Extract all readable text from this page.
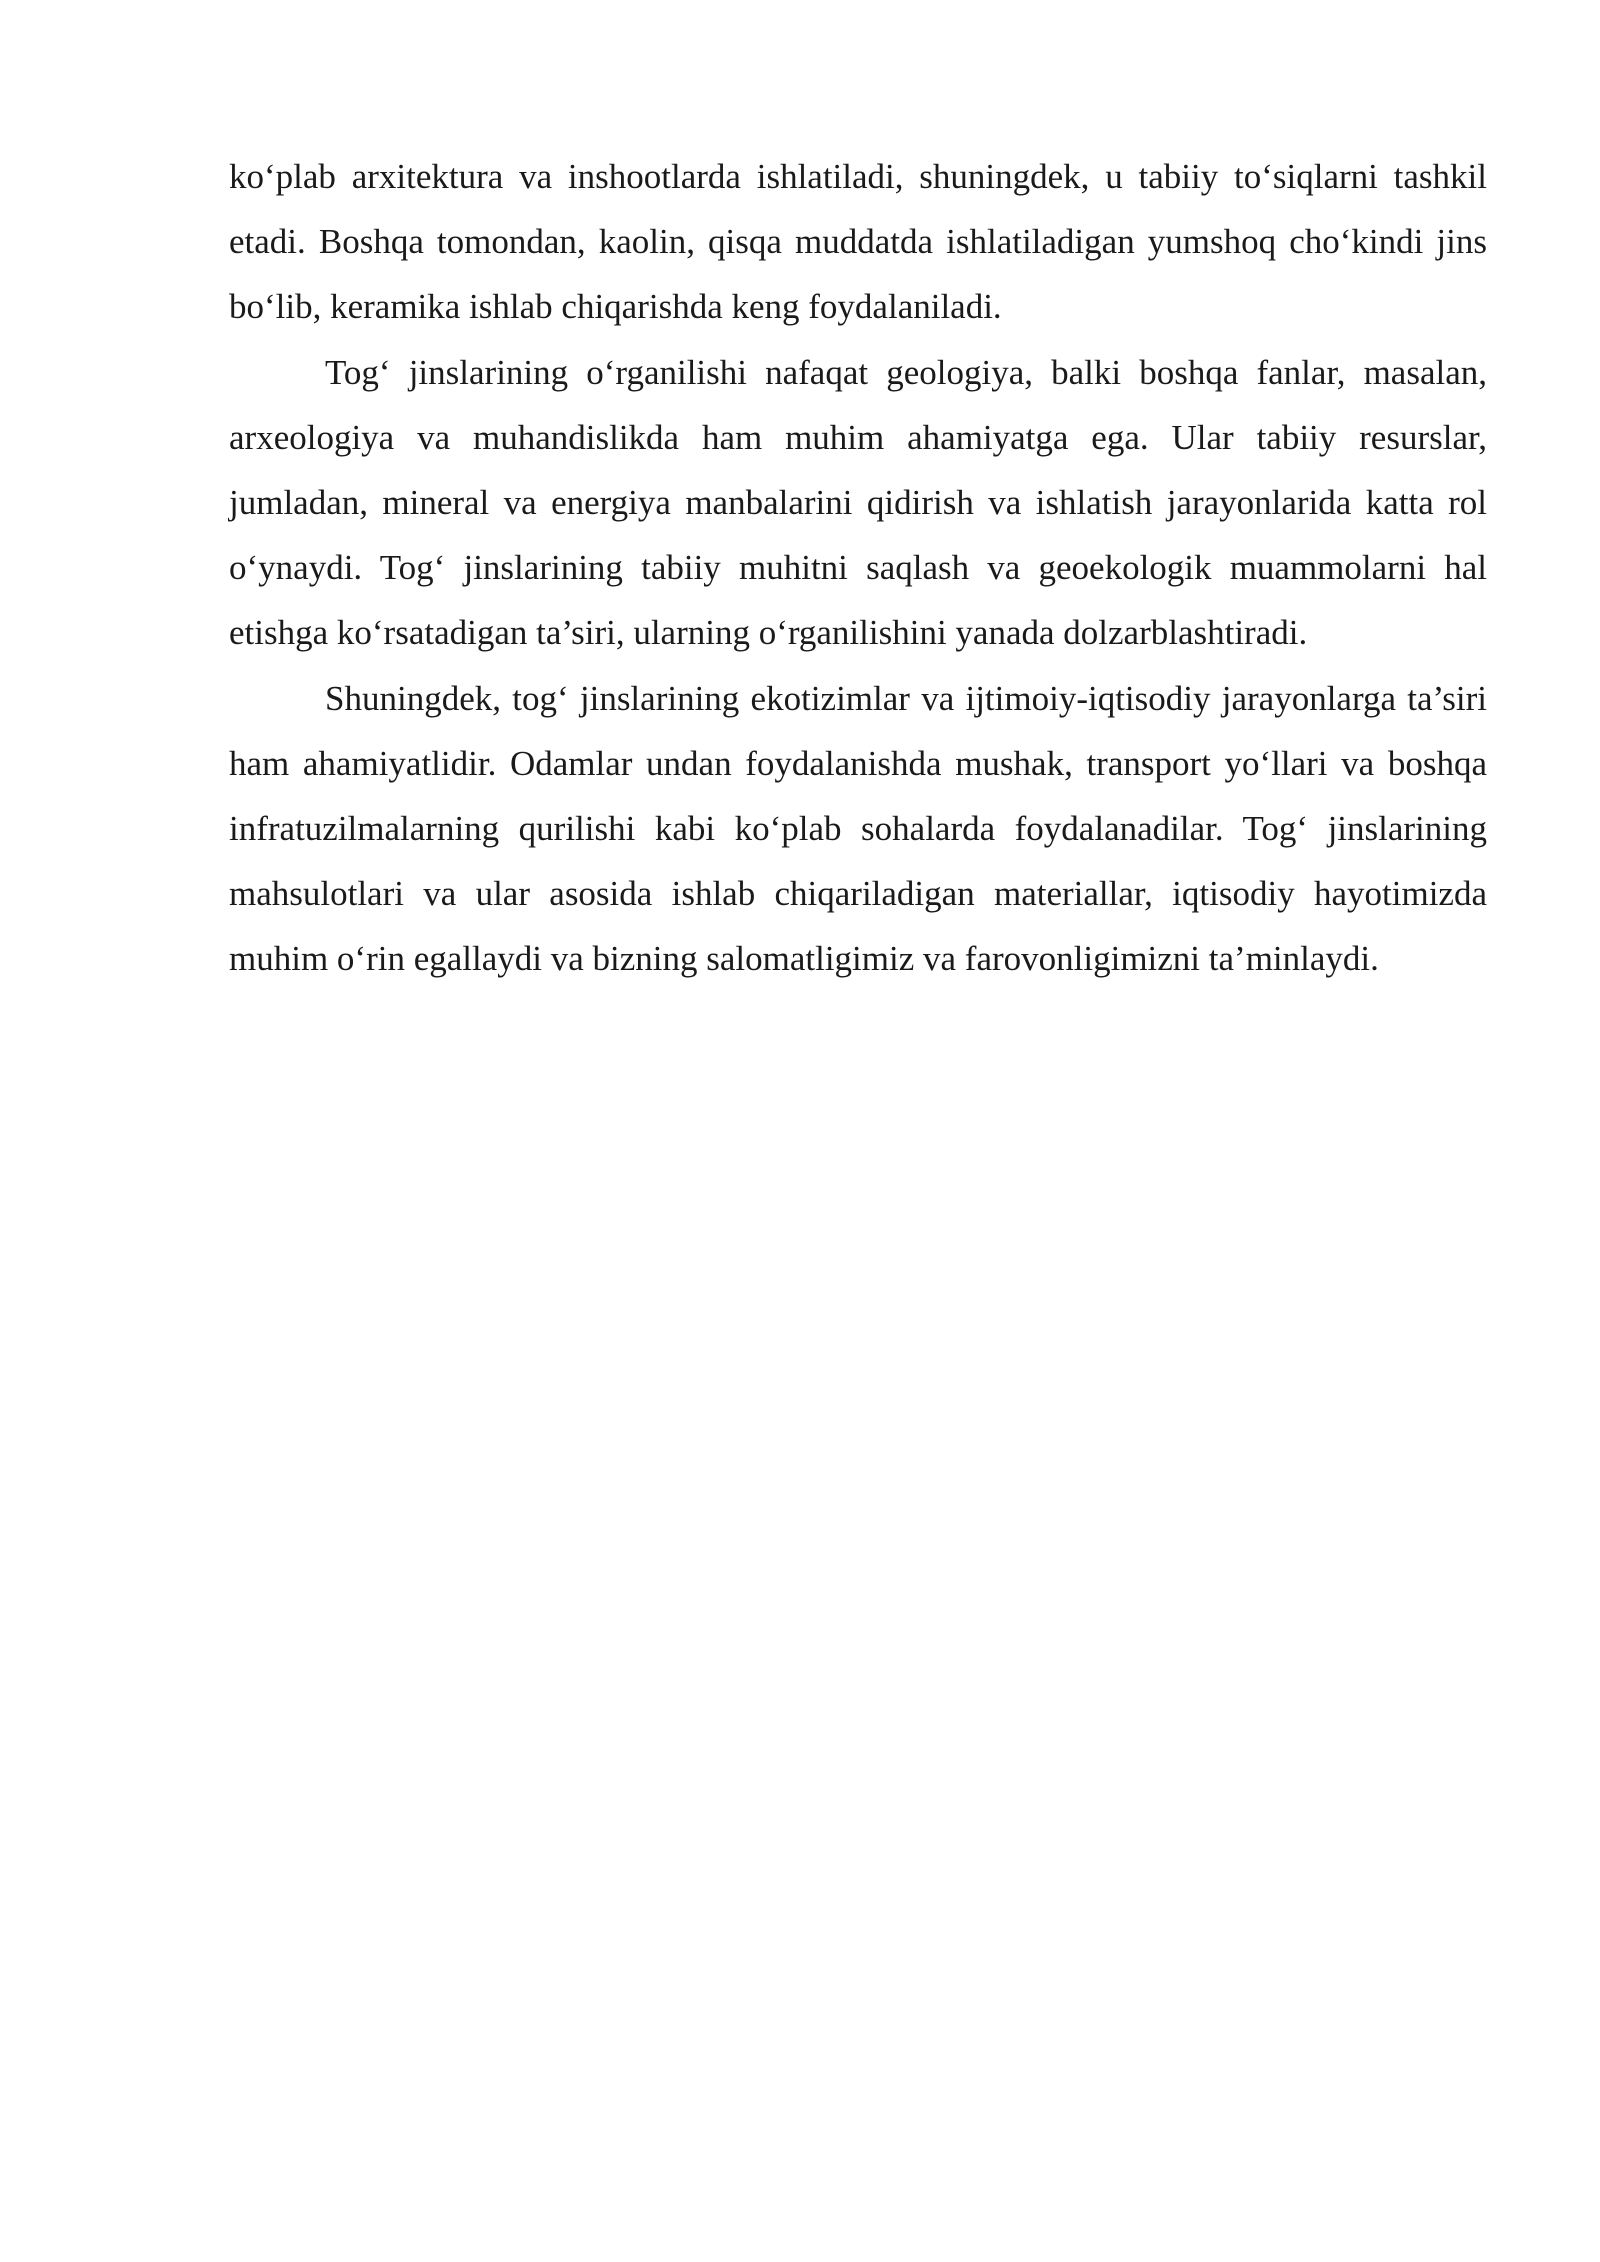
ko‘plab arxitektura va inshootlarda ishlatiladi, shuningdek, u tabiiy to‘siqlarni tashkil etadi. Boshqa tomondan, kaolin, qisqa muddatda ishlatiladigan yumshoq cho‘kindi jins bo‘lib, keramika ishlab chiqarishda keng foydalaniladi.

Tog‘ jinslarining o‘rganilishi nafaqat geologiya, balki boshqa fanlar, masalan, arxeologiya va muhandislikda ham muhim ahamiyatga ega. Ular tabiiy resurslar, jumladan, mineral va energiya manbalarini qidirish va ishlatish jarayonlarida katta rol o‘ynaydi. Tog‘ jinslarining tabiiy muhitni saqlash va geoekologik muammolarni hal etishga ko‘rsatadigan ta’siri, ularning o‘rganilishini yanada dolzarblashtiradi.

Shuningdek, tog‘ jinslarining ekotizimlar va ijtimoiy-iqtisodiy jarayonlarga ta’siri ham ahamiyatlidir. Odamlar undan foydalanishda mushak, transport yo‘llari va boshqa infratuzilmalarning qurilishi kabi ko‘plab sohalarda foydalanadilar. Tog‘ jinslarining mahsulotlari va ular asosida ishlab chiqariladigan materiallar, iqtisodiy hayotimizda muhim o‘rin egallaydi va bizning salomatligimiz va farovonligimizni ta’minlaydi.
